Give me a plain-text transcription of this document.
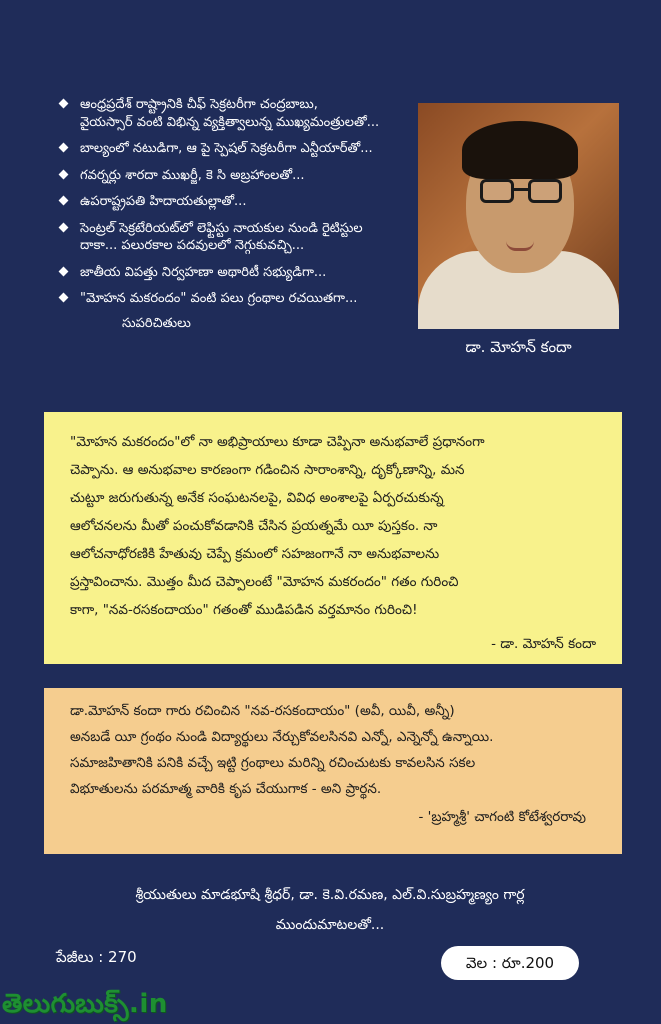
ఆంధ్రప్రదేశ్ రాష్ట్రానికి చీఫ్ సెక్రటరీగా చంద్రబాబు,
వైయస్సార్ వంటి విభిన్న వ్యక్తిత్వాలున్న ముఖ్యమంత్రులతో...
బాల్యంలో నటుడిగా, ఆ పై స్పెషల్ సెక్రటరీగా ఎన్టీయార్‌తో...
గవర్నర్లు శారదా ముఖర్జీ, కె సి అబ్రహాంలతో...
ఉపరాష్ట్రపతి హిదాయతుల్లాతో...
సెంట్రల్ సెక్రటేరియట్‌లో లెఫ్టిస్టు నాయకుల నుండి రైటిస్టుల
దాకా... పలురకాల పదవులలో నెగ్గుకువచ్చి...
జాతీయ విపత్తు నిర్వహణా అథారిటీ సభ్యుడిగా...
"మోహన మకరందం" వంటి పలు గ్రంథాల రచయితగా...
సుపరిచితులు
డా. మోహన్ కందా
"మోహన మకరందం"లో నా అభిప్రాయాలు కూడా చెప్పినా అనుభవాలే ప్రధానంగా
చెప్పాను. ఆ అనుభవాల కారణంగా గడించిన సారాంశాన్ని, దృక్కోణాన్ని, మన
చుట్టూ జరుగుతున్న అనేక సంఘటనలపై, వివిధ అంశాలపై ఏర్పరచుకున్న
ఆలోచనలను మీతో పంచుకోవడానికి చేసిన ప్రయత్నమే యీ పుస్తకం. నా
ఆలోచనాధోరణికి హేతువు చెప్పే క్రమంలో సహజంగానే నా అనుభవాలను
ప్రస్తావించాను. మొత్తం మీద చెప్పాలంటే "మోహన మకరందం" గతం గురించి
కాగా, "నవ-రసకందాయం" గతంతో ముడిపడిన వర్తమానం గురించి!
- డా. మోహన్ కందా
డా.మోహన్ కందా గారు రచించిన "నవ-రసకందాయం" (అవీ, యివీ, అన్నీ)
అనబడే యీ గ్రంథం నుండి విద్యార్థులు నేర్చుకోవలసినవి ఎన్నో, ఎన్నెన్నో ఉన్నాయి.
సమాజహితానికి పనికి వచ్చే ఇట్టి గ్రంథాలు మరిన్ని రచించుటకు కావలసిన సకల
విభూతులను పరమాత్మ వారికి కృప చేయుగాక - అని ప్రార్థన.
- 'బ్రహ్మశ్రీ' చాగంటి కోటేశ్వరరావు
శ్రీయుతులు మాడభూషి శ్రీధర్, డా. కె.వి.రమణ, ఎల్.వి.సుబ్రహ్మణ్యం గార్ల
ముందుమాటలతో...
పేజీలు : 270	వెల : రూ.200
తెలుగుబుక్స్.in
